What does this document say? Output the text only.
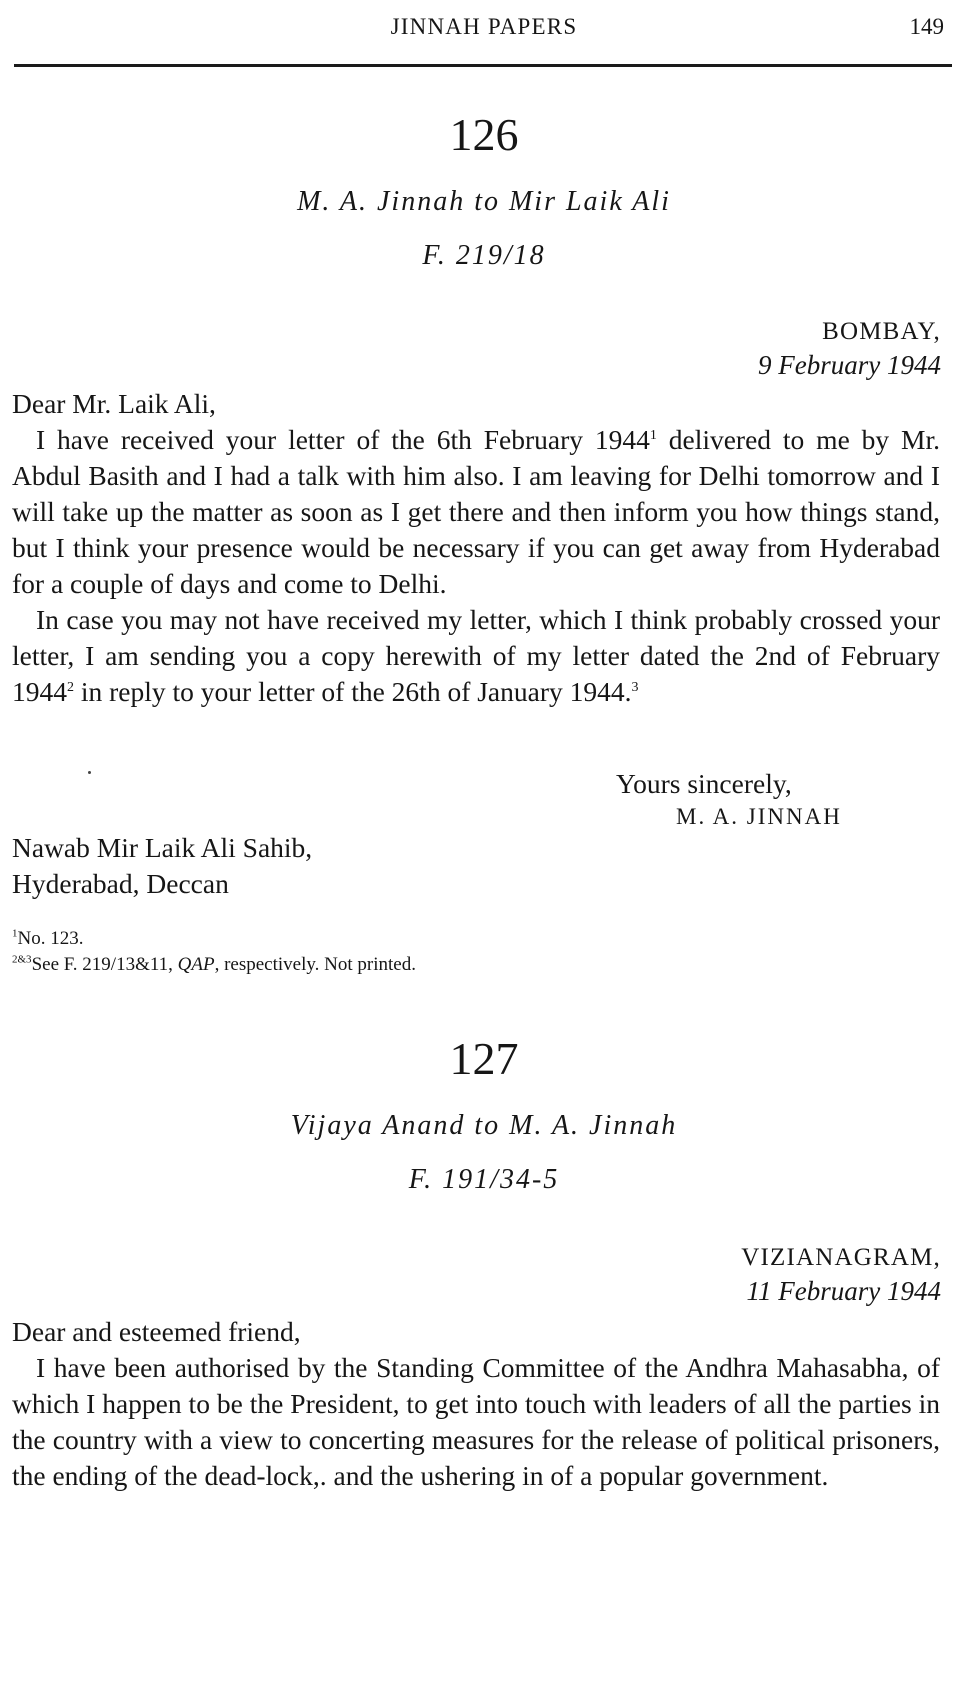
JINNAH PAPERS	149
126
M. A. Jinnah to Mir Laik Ali
F. 219/18
BOMBAY,
9 February 1944

Dear Mr. Laik Ali,

I have received your letter of the 6th February 1944$^1$ delivered to me by Mr. Abdul Basith and I had a talk with him also. I am leaving for Delhi tomorrow and I will take up the matter as soon as I get there and then inform you how things stand, but I think your presence would be necessary if you can get away from Hyderabad for a couple of days and come to Delhi.

In case you may not have received my letter, which I think probably crossed your letter, I am sending you a copy herewith of my letter dated the 2nd of February 1944$^2$ in reply to your letter of the 26th of January 1944.$^3$

Yours sincerely,
M. A. JINNAH
Nawab Mir Laik Ali Sahib,
Hyderabad, Deccan
$^1$No. 123.
$^{2\&3}$See F. 219/13&11, QAP, respectively. Not printed.
127
Vijaya Anand to M. A. Jinnah
F. 191/34-5
VIZIANAGRAM,
11 February 1944

Dear and esteemed friend,

I have been authorised by the Standing Committee of the Andhra Mahasabha, of which I happen to be the President, to get into touch with leaders of all the parties in the country with a view to concerting measures for the release of political prisoners, the ending of the dead-lock,. and the ushering in of a popular government.
